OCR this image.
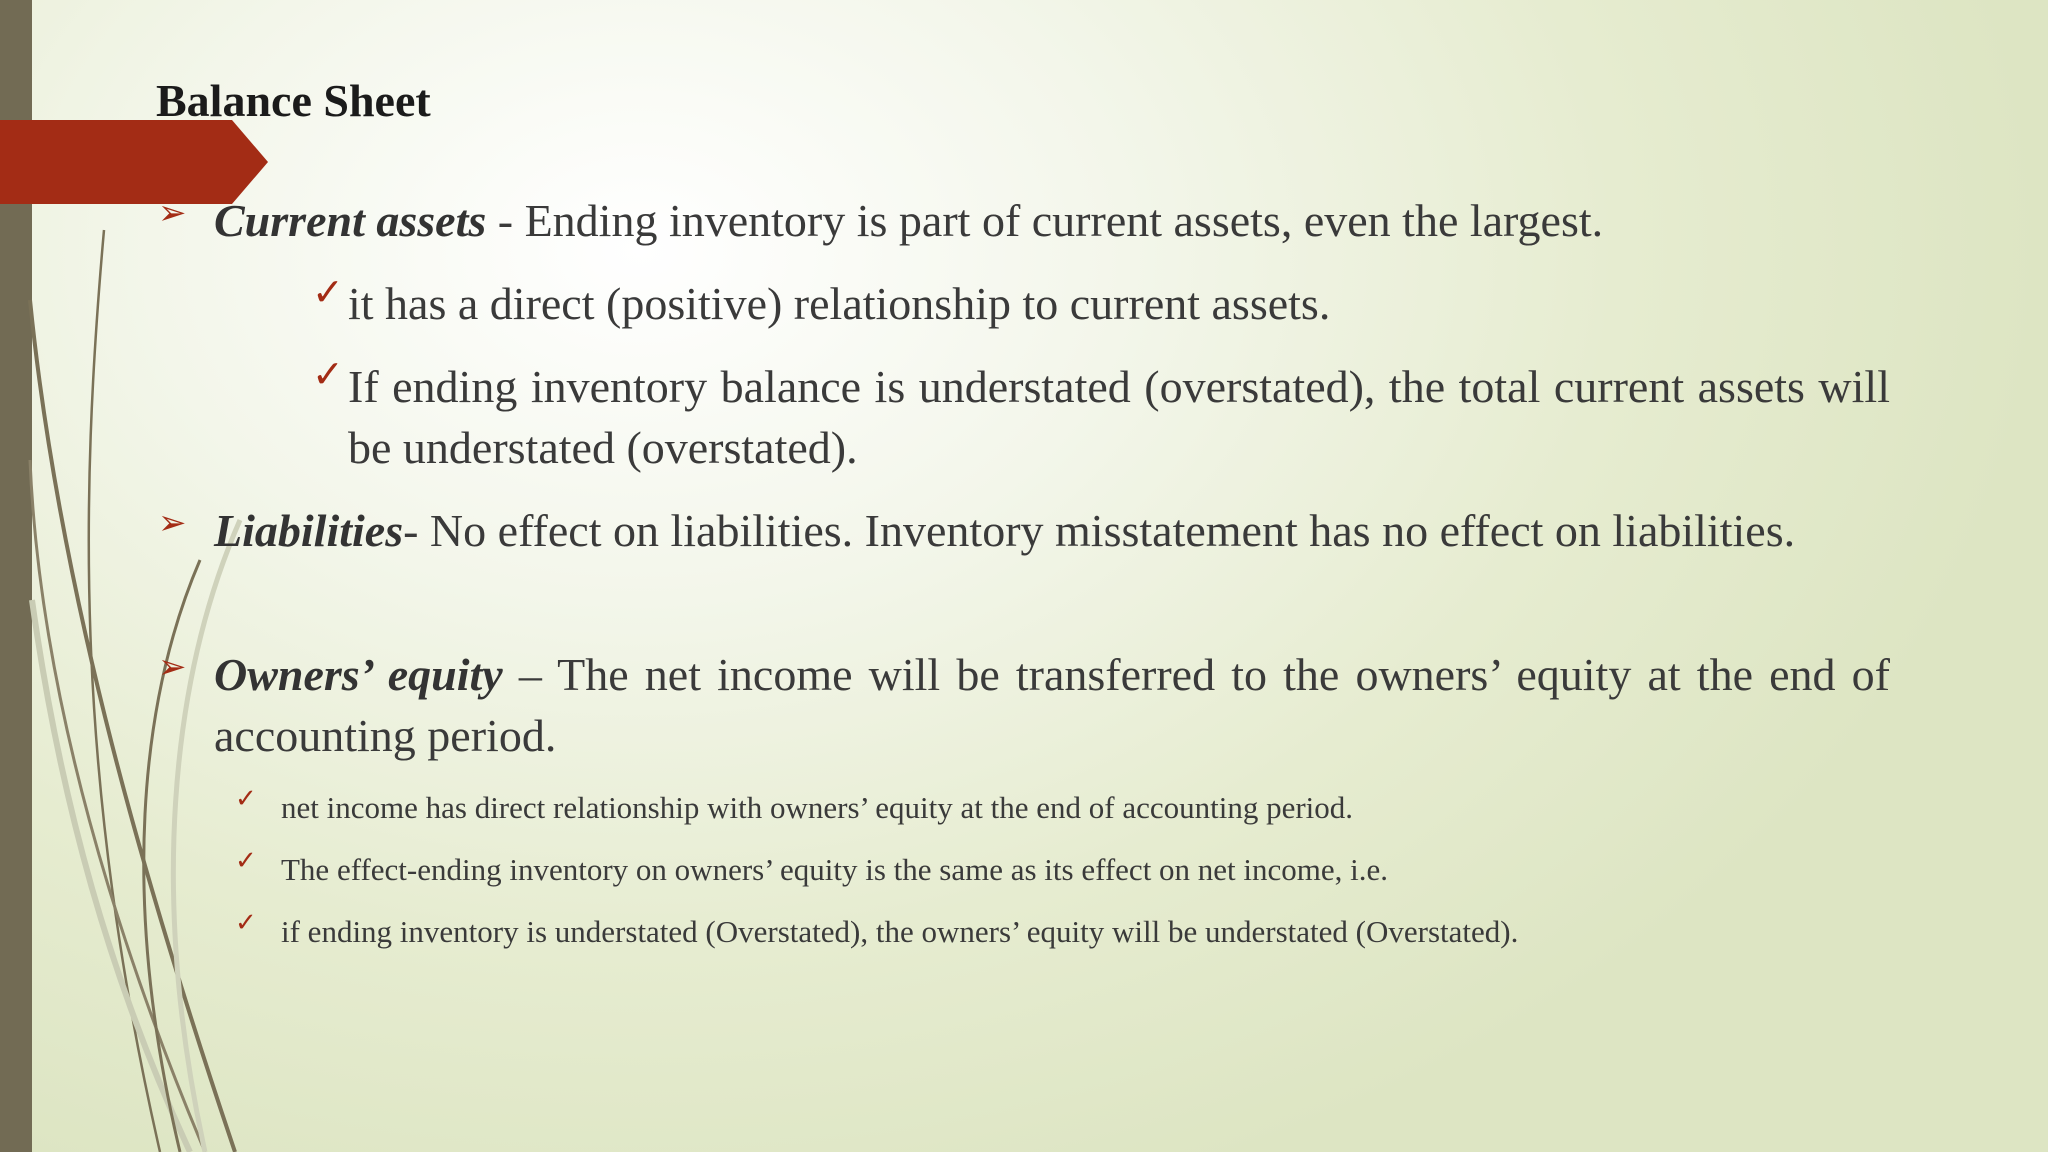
Balance Sheet
➢ Current assets - Ending inventory is part of current assets, even the largest.
✓ it has a direct (positive) relationship to current assets.
✓ If ending inventory balance is understated (overstated), the total current assets will be understated (overstated).
➢ Liabilities- No effect on liabilities. Inventory misstatement has no effect on liabilities.
➢ Owners’ equity – The net income will be transferred to the owners’ equity at the end of accounting period.
✓ net income has direct relationship with owners’ equity at the end of accounting period.
✓ The effect-ending inventory on owners’ equity is the same as its effect on net income, i.e.
✓ if ending inventory is understated (Overstated), the owners’ equity will be understated (Overstated).
